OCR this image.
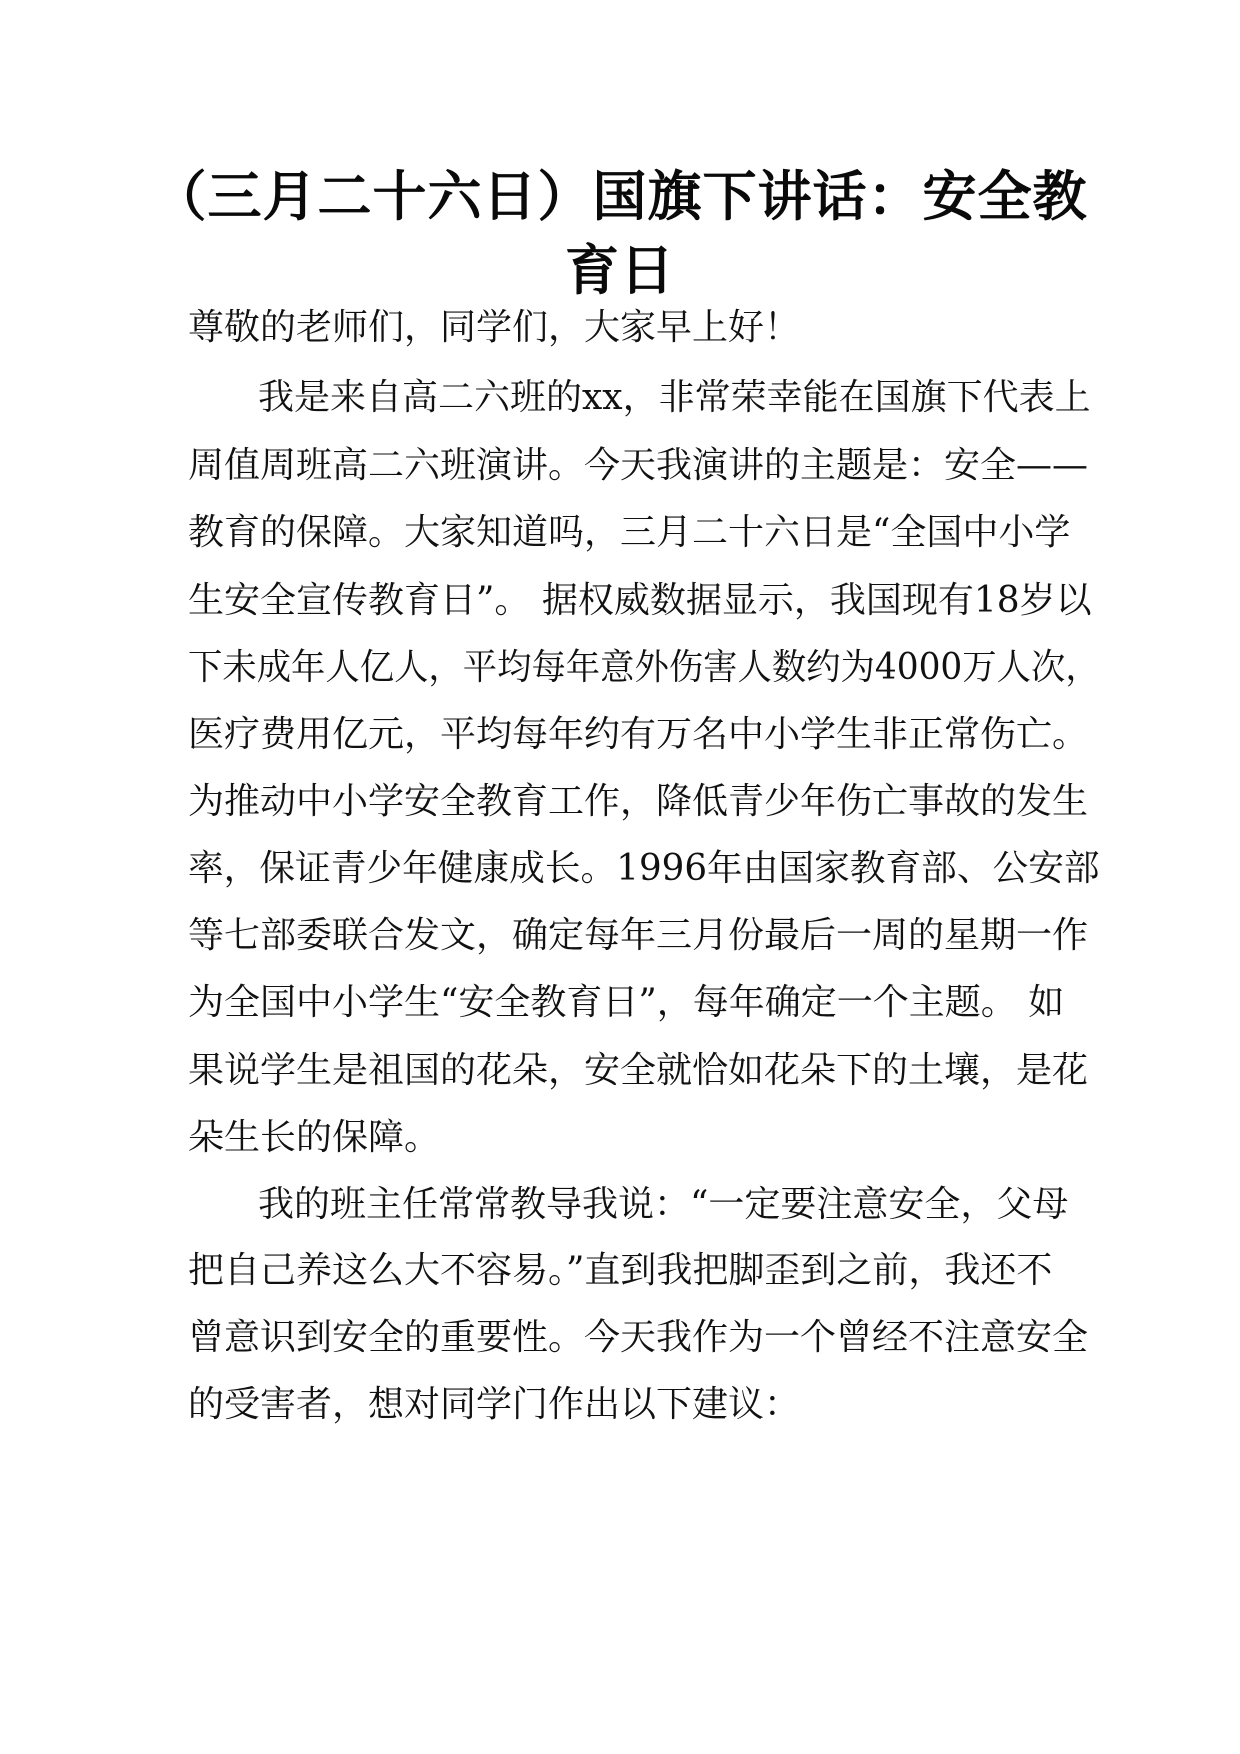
（三月二十六日）国旗下讲话：安全教
育日
尊敬的老师们，同学们，大家早上好！
我是来自高二六班的xx，非常荣幸能在国旗下代表上
周值周班高二六班演讲。今天我演讲的主题是：安全——
教育的保障。大家知道吗，三月二十六日是“全国中小学
生安全宣传教育日”。 据权威数据显示，我国现有18岁以
下未成年人亿人，平均每年意外伤害人数约为4000万人次，
医疗费用亿元，平均每年约有万名中小学生非正常伤亡。
为推动中小学安全教育工作，降低青少年伤亡事故的发生
率，保证青少年健康成长。1996年由国家教育部、公安部
等七部委联合发文，确定每年三月份最后一周的星期一作
为全国中小学生“安全教育日”，每年确定一个主题。 如
果说学生是祖国的花朵，安全就恰如花朵下的土壤，是花
朵生长的保障。
我的班主任常常教导我说：“一定要注意安全，父母
把自己养这么大不容易。”直到我把脚歪到之前，我还不
曾意识到安全的重要性。今天我作为一个曾经不注意安全
的受害者，想对同学门作出以下建议：
